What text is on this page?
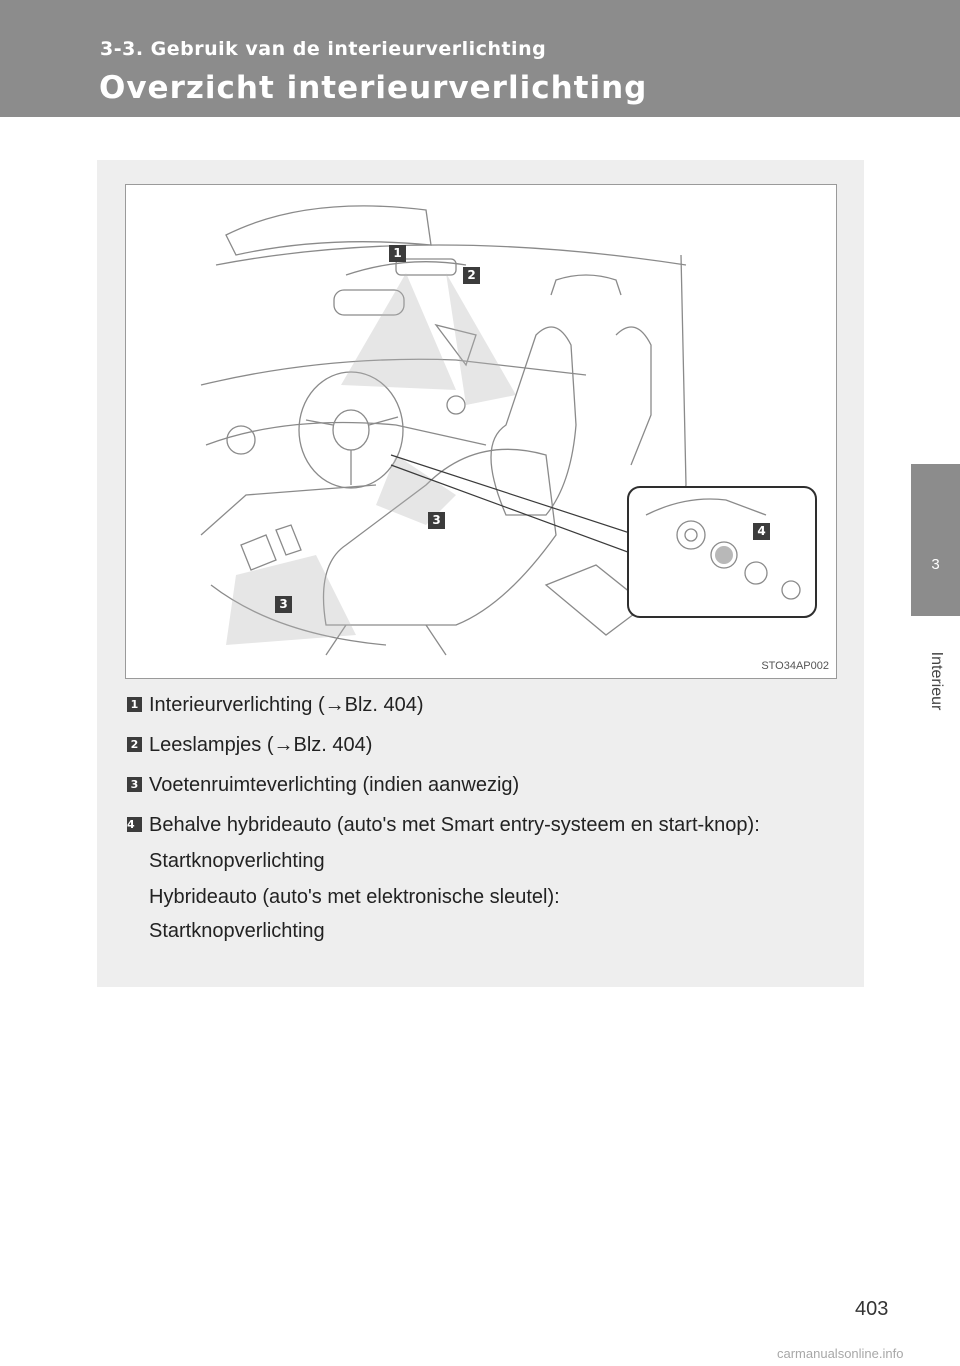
3-3. Gebruik van de interieurverlichting
Overzicht interieurverlichting
3
Interieur
1
2
3
3
4
STO34AP002
1 Interieurverlichting (→Blz. 404)
2 Leeslampjes (→Blz. 404)
3 Voetenruimteverlichting (indien aanwezig)
4 Behalve hybrideauto (auto's met Smart entry-systeem en start-knop):
Startknopverlichting
Hybrideauto (auto's met elektronische sleutel):
Startknopverlichting
403
carmanualsonline.info
